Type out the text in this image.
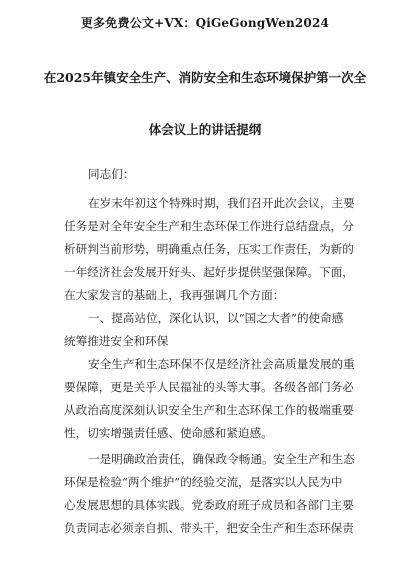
更多免费公文+VX：QiGeGongWen2024
在2025年镇安全生产、消防安全和生态环境保护第一次全
体会议上的讲话提纲
同志们：
在岁末年初这个特殊时期，我们召开此次会议，主要
任务是对全年安全生产和生态环保工作进行总结盘点，分
析研判当前形势，明确重点任务，压实工作责任，为新的
一年经济社会发展开好头、起好步提供坚强保障。下面，
在大家发言的基础上，我再强调几个方面：
一、提高站位，深化认识，以“国之大者”的使命感
统筹推进安全和环保
安全生产和生态环保不仅是经济社会高质量发展的重
要保障，更是关乎人民福祉的头等大事。各级各部门务必
从政治高度深刻认识安全生产和生态环保工作的极端重要
性，切实增强责任感、使命感和紧迫感。
一是明确政治责任，确保政令畅通。安全生产和生态
环保是检验“两个维护”的经验交流，是落实以人民为中
心发展思想的具体实践。党委政府班子成员和各部门主要
负责同志必须亲自抓、带头干，把安全生产和生态环保责
